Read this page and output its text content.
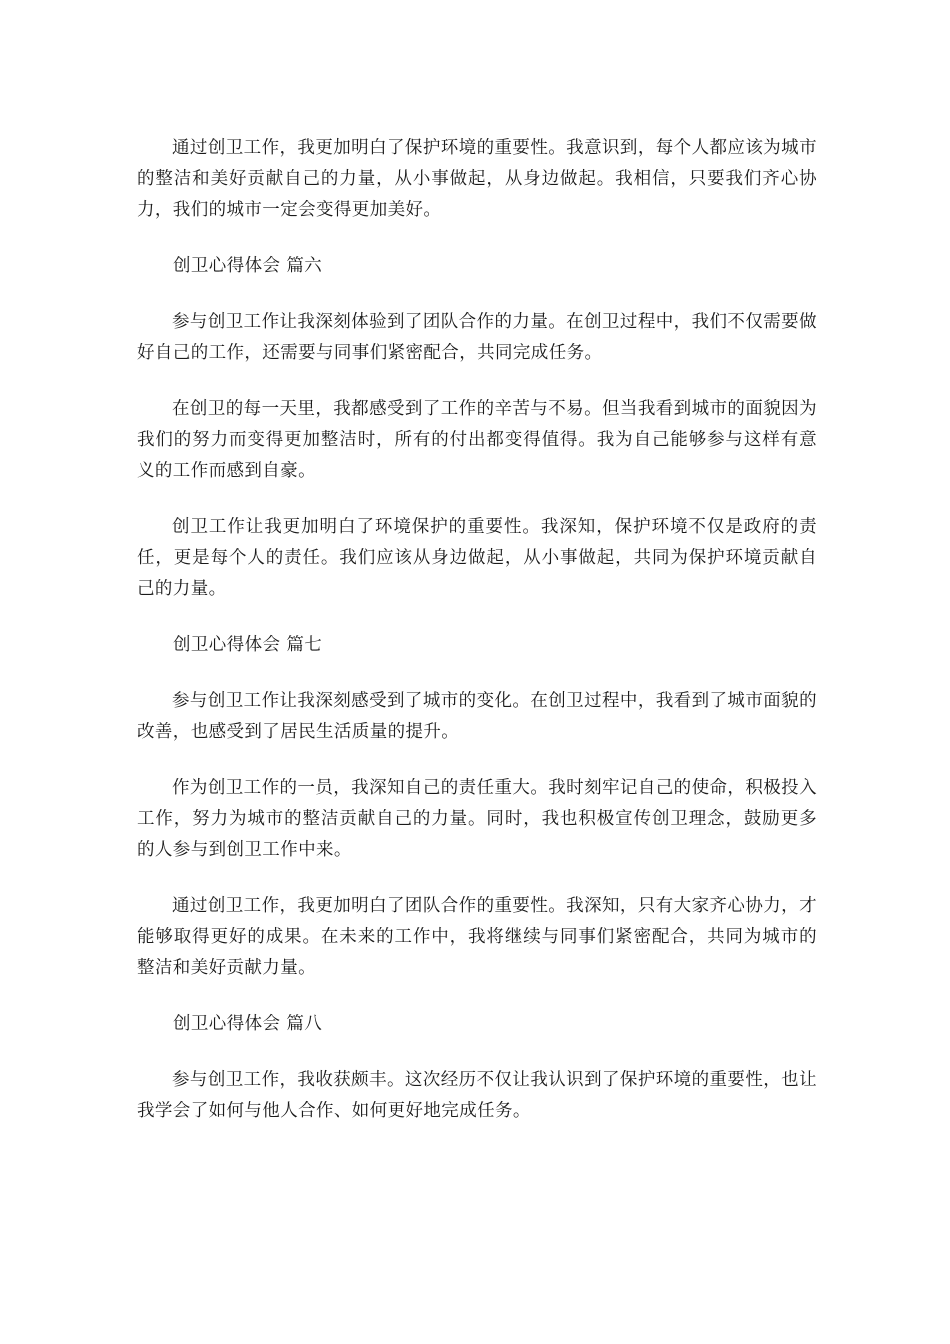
通过创卫工作，我更加明白了保护环境的重要性。我意识到，每个人都应该为城市的整洁和美好贡献自己的力量，从小事做起，从身边做起。我相信，只要我们齐心协力，我们的城市一定会变得更加美好。

创卫心得体会 篇六

参与创卫工作让我深刻体验到了团队合作的力量。在创卫过程中，我们不仅需要做好自己的工作，还需要与同事们紧密配合，共同完成任务。

在创卫的每一天里，我都感受到了工作的辛苦与不易。但当我看到城市的面貌因为我们的努力而变得更加整洁时，所有的付出都变得值得。我为自己能够参与这样有意义的工作而感到自豪。

创卫工作让我更加明白了环境保护的重要性。我深知，保护环境不仅是政府的责任，更是每个人的责任。我们应该从身边做起，从小事做起，共同为保护环境贡献自己的力量。

创卫心得体会 篇七

参与创卫工作让我深刻感受到了城市的变化。在创卫过程中，我看到了城市面貌的改善，也感受到了居民生活质量的提升。

作为创卫工作的一员，我深知自己的责任重大。我时刻牢记自己的使命，积极投入工作，努力为城市的整洁贡献自己的力量。同时，我也积极宣传创卫理念，鼓励更多的人参与到创卫工作中来。

通过创卫工作，我更加明白了团队合作的重要性。我深知，只有大家齐心协力，才能够取得更好的成果。在未来的工作中，我将继续与同事们紧密配合，共同为城市的整洁和美好贡献力量。

创卫心得体会 篇八

参与创卫工作，我收获颇丰。这次经历不仅让我认识到了保护环境的重要性，也让我学会了如何与他人合作、如何更好地完成任务。
